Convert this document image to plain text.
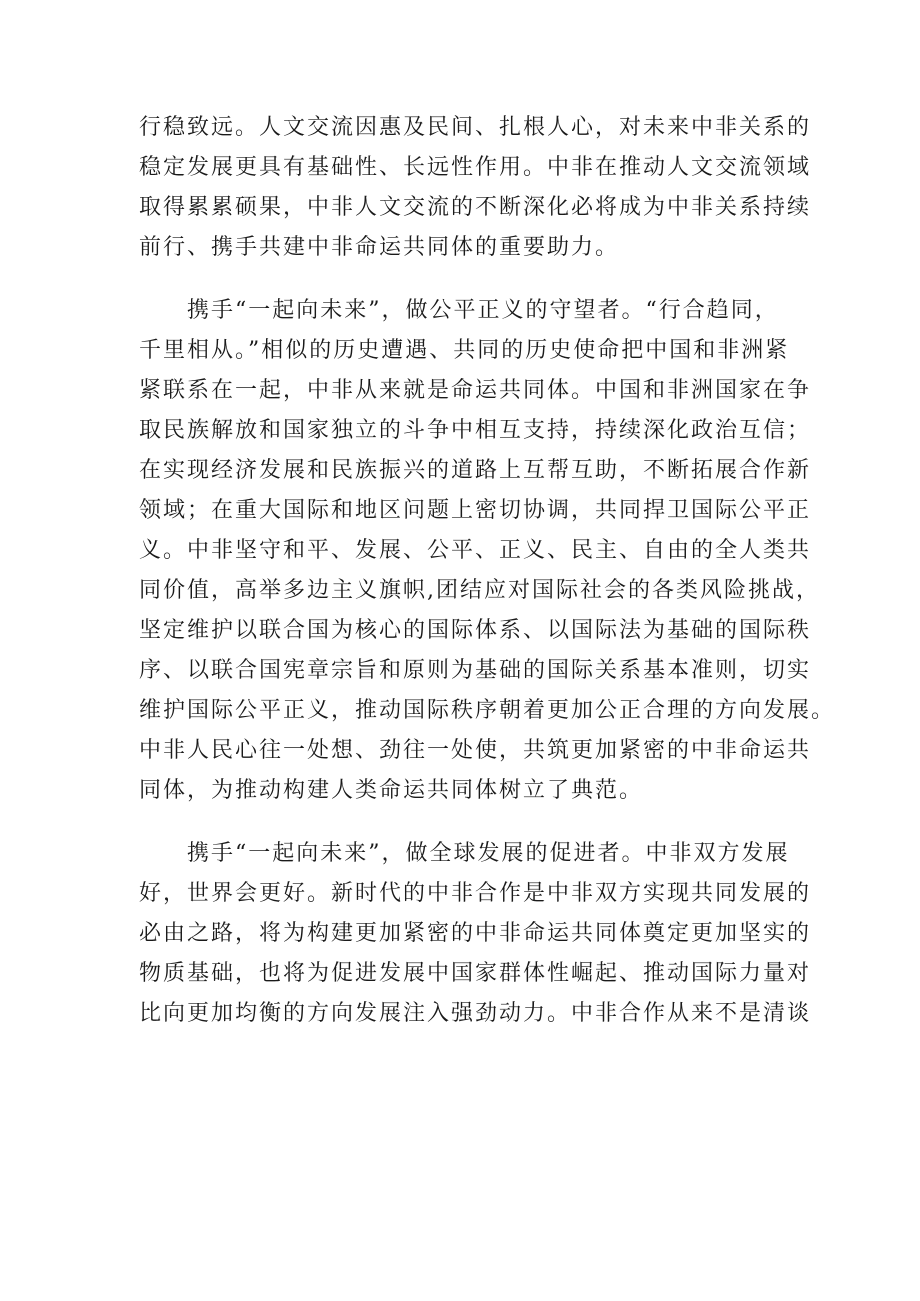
行稳致远。人文交流因惠及民间、扎根人心，对未来中非关系的
稳定发展更具有基础性、长远性作用。中非在推动人文交流领域
取得累累硕果，中非人文交流的不断深化必将成为中非关系持续
前行、携手共建中非命运共同体的重要助力。
　　携手“一起向未来”，做公平正义的守望者。“行合趋同，
千里相从。”相似的历史遭遇、共同的历史使命把中国和非洲紧
紧联系在一起，中非从来就是命运共同体。中国和非洲国家在争
取民族解放和国家独立的斗争中相互支持，持续深化政治互信；
在实现经济发展和民族振兴的道路上互帮互助，不断拓展合作新
领域；在重大国际和地区问题上密切协调，共同捍卫国际公平正
义。中非坚守和平、发展、公平、正义、民主、自由的全人类共
同价值，高举多边主义旗帜,团结应对国际社会的各类风险挑战，
坚定维护以联合国为核心的国际体系、以国际法为基础的国际秩
序、以联合国宪章宗旨和原则为基础的国际关系基本准则，切实
维护国际公平正义，推动国际秩序朝着更加公正合理的方向发展。
中非人民心往一处想、劲往一处使，共筑更加紧密的中非命运共
同体，为推动构建人类命运共同体树立了典范。
　　携手“一起向未来”，做全球发展的促进者。中非双方发展
好，世界会更好。新时代的中非合作是中非双方实现共同发展的
必由之路，将为构建更加紧密的中非命运共同体奠定更加坚实的
物质基础，也将为促进发展中国家群体性崛起、推动国际力量对
比向更加均衡的方向发展注入强劲动力。中非合作从来不是清谈
